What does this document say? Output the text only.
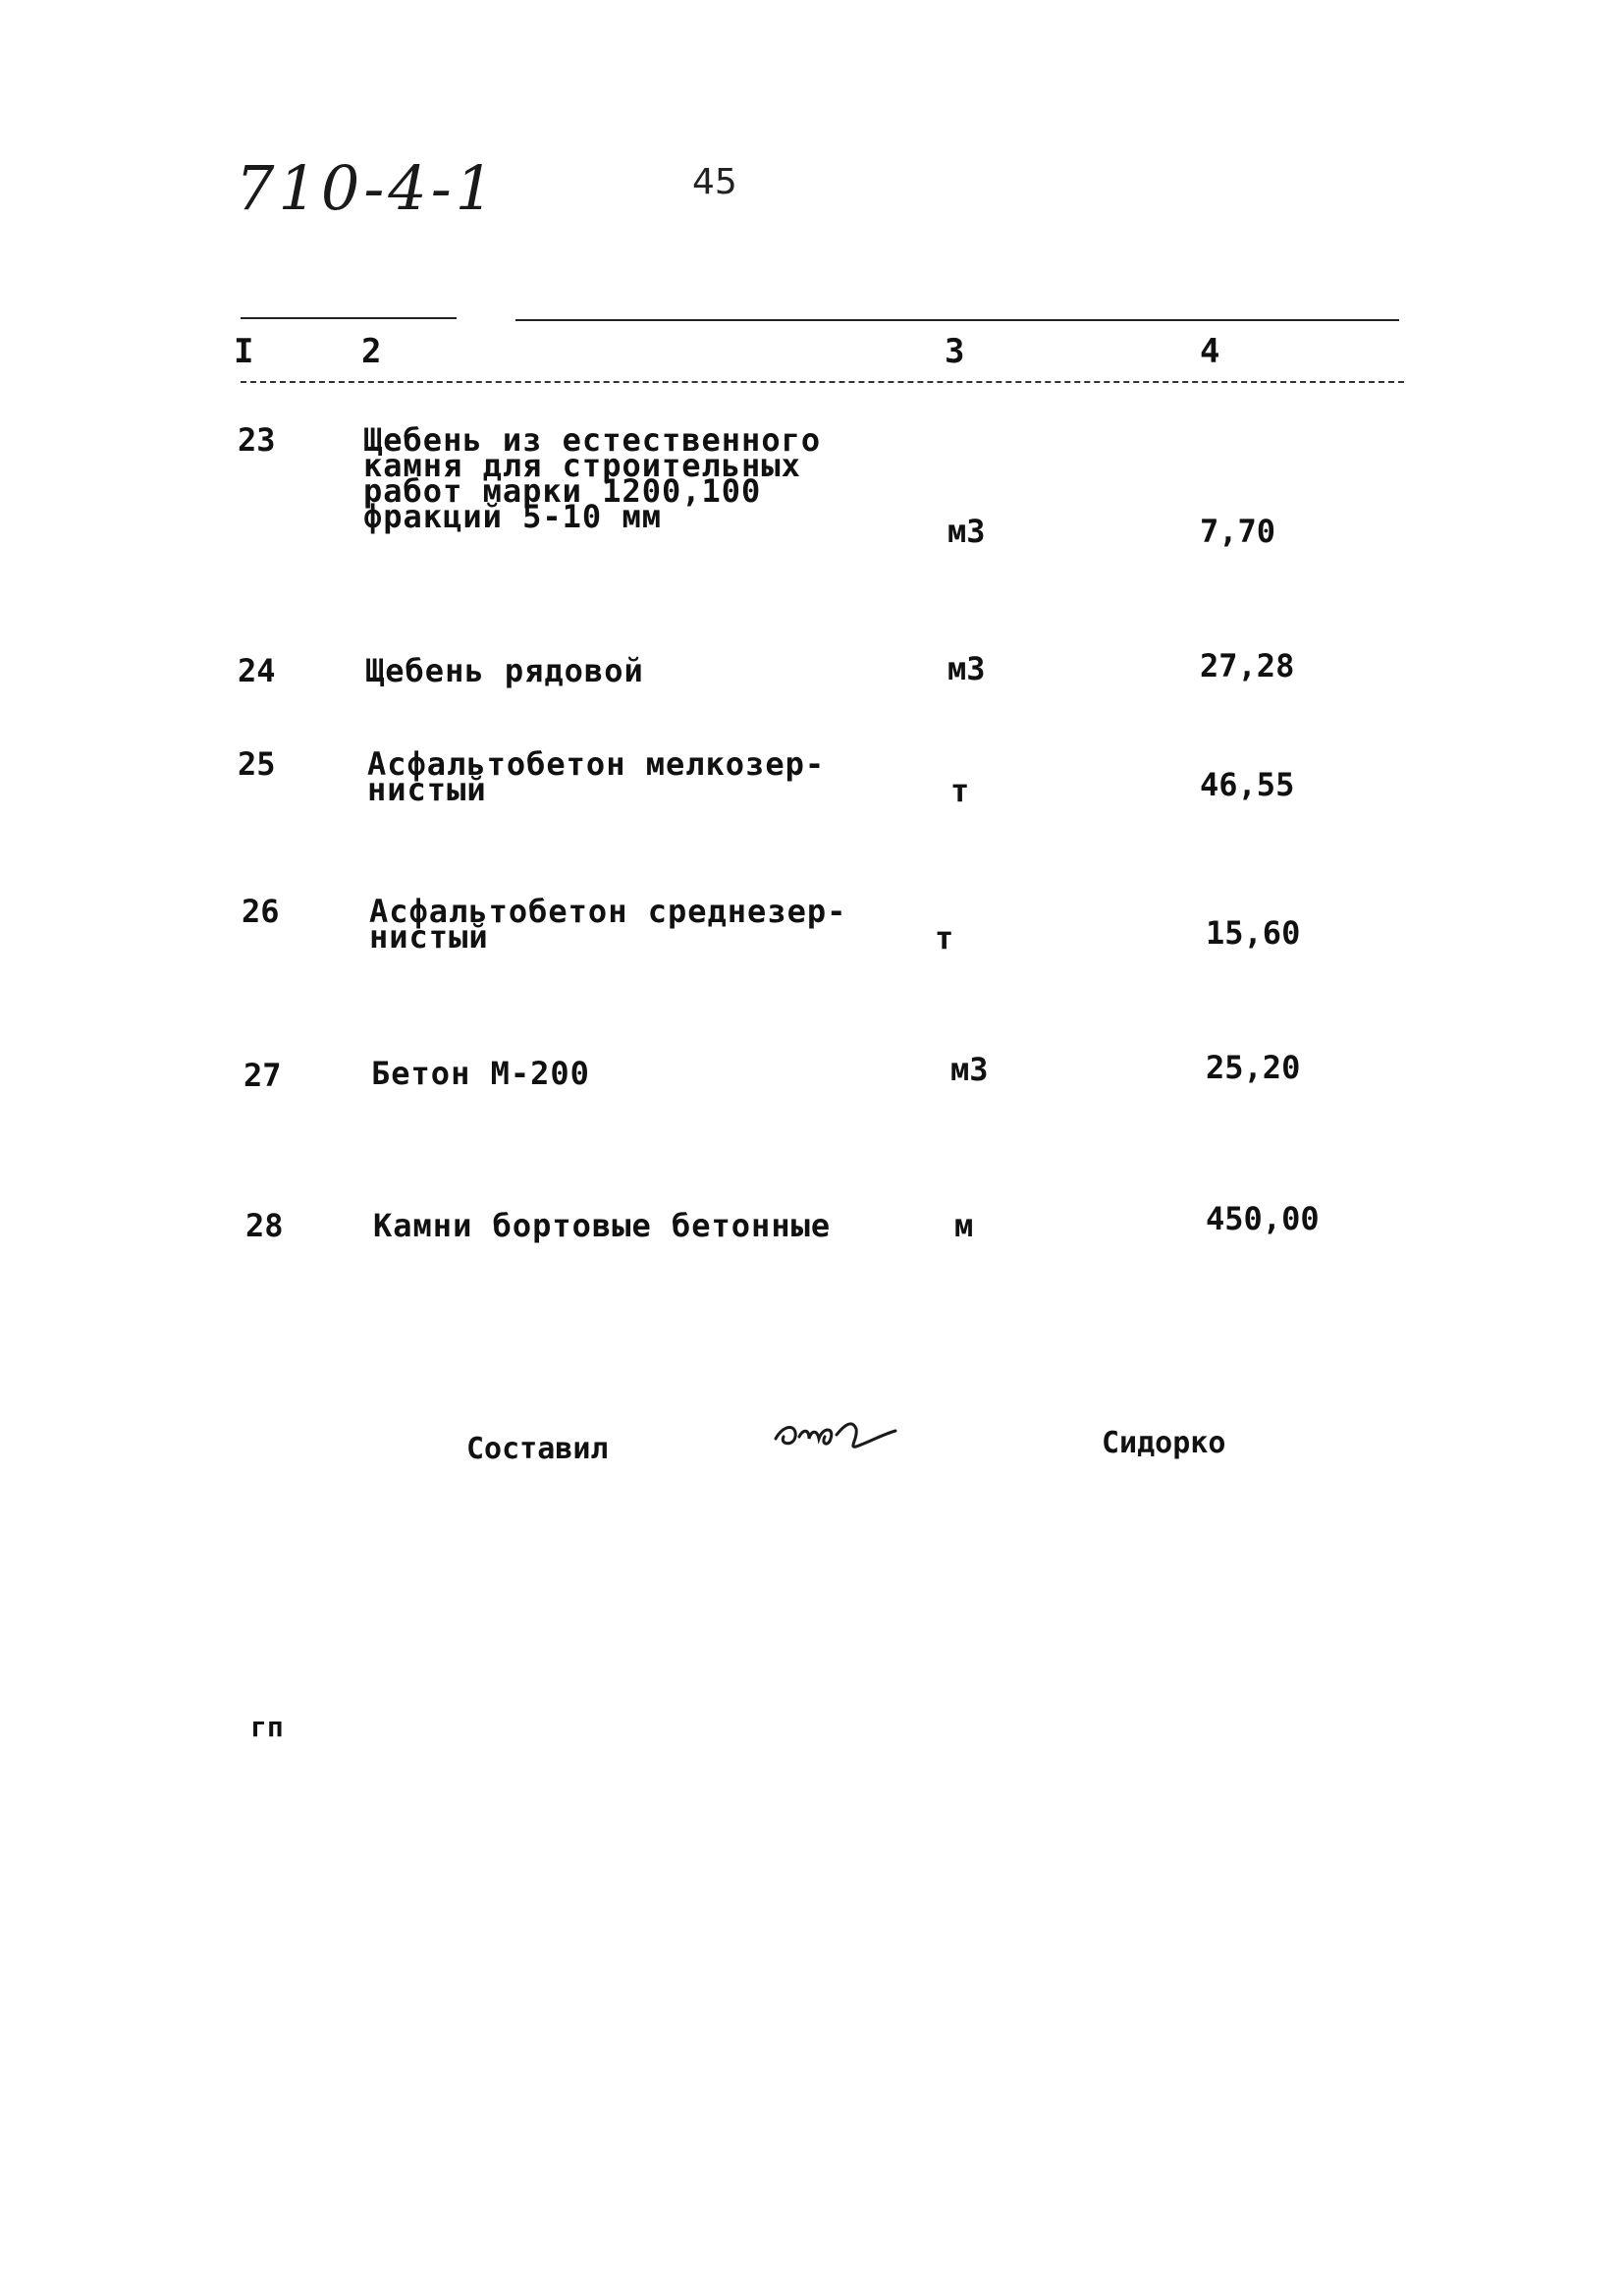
710-4-1	45
I	2	3	4
23	Щебень из естественного
камня для строительных
работ марки 1200,100
фракций 5-10 мм	м3	7,70
24	Щебень рядовой	м3	27,28
25	Асфальтобетон мелкозер-
нистый	т	46,55
26	Асфальтобетон среднезер-
нистый	т	15,60
27	Бетон М-200	м3	25,20
28	Камни бортовые бетонные	м	450,00
Составил	Сидорко
гп
